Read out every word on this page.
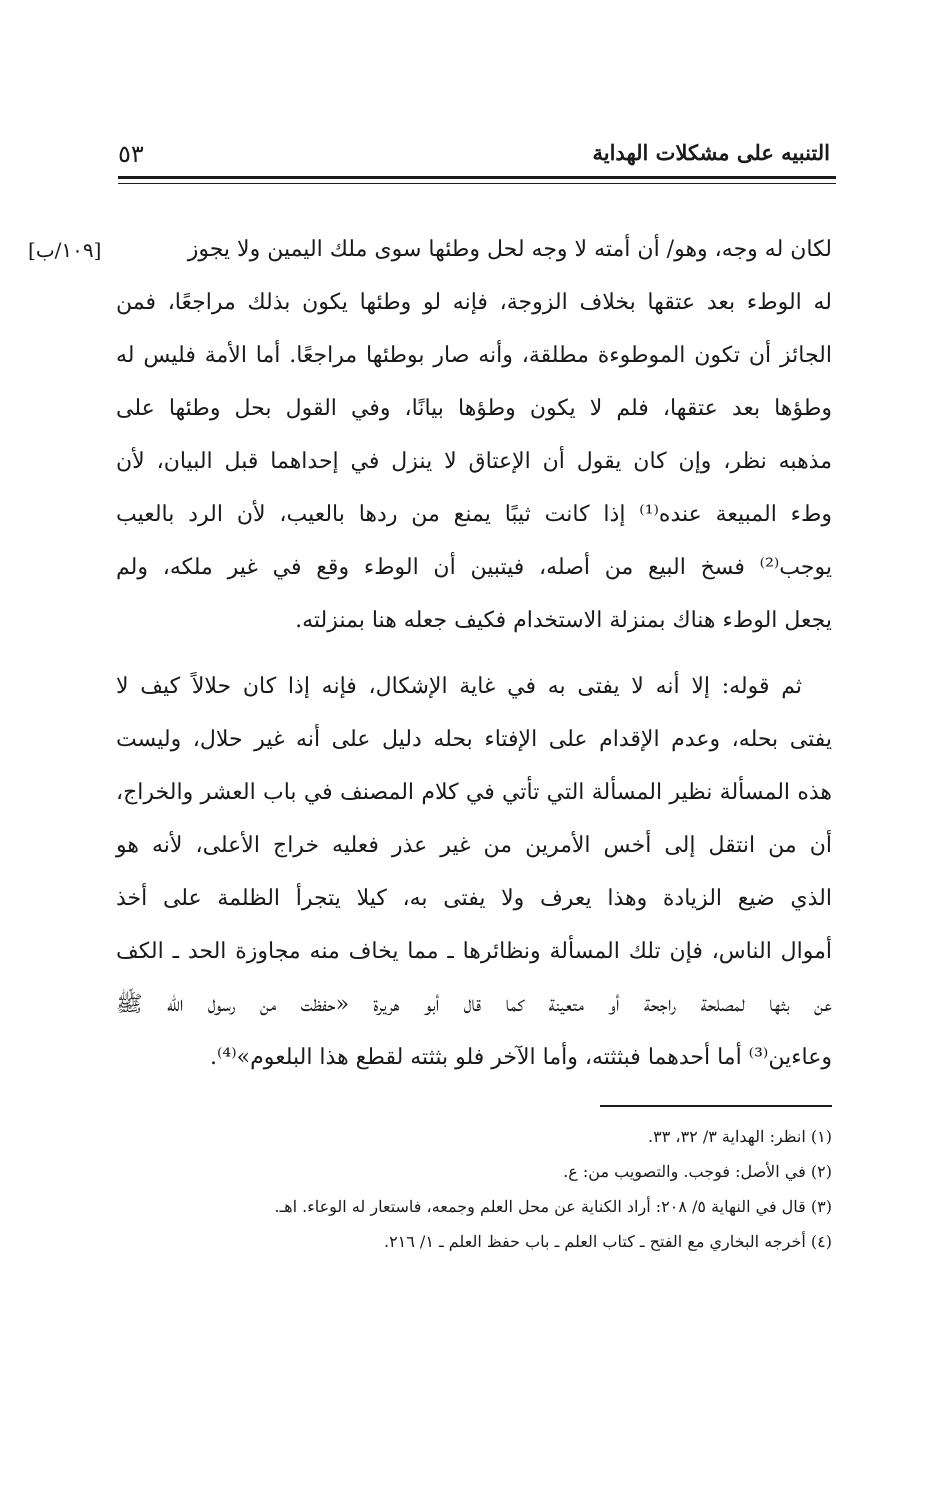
التنبيه على مشكلات الهداية
٥٣
[١٠٩/ب]	لكان له وجه، وهو/ أن أمته لا وجه لحل وطئها سوى ملك اليمين ولا يجوز
له الوطء بعد عتقها بخلاف الزوجة، فإنه لو وطئها يكون بذلك مراجعًا، فمن
الجائز أن تكون الموطوءة مطلقة، وأنه صار بوطئها مراجعًا. أما الأمة فليس له
وطؤها بعد عتقها، فلم لا يكون وطؤها بيانًا، وفي القول بحل وطئها على
مذهبه نظر، وإن كان يقول أن الإعتاق لا ينزل في إحداهما قبل البيان، لأن
وطء المبيعة عنده⁽¹⁾ إذا كانت ثيبًا يمنع من ردها بالعيب، لأن الرد بالعيب
يوجب⁽²⁾ فسخ البيع من أصله، فيتبين أن الوطء وقع في غير ملكه، ولم
يجعل الوطء هناك بمنزلة الاستخدام فكيف جعله هنا بمنزلته.
ثم قوله: إلا أنه لا يفتى به في غاية الإشكال، فإنه إذا كان حلالاً كيف لا
يفتى بحله، وعدم الإقدام على الإفتاء بحله دليل على أنه غير حلال، وليست
هذه المسألة نظير المسألة التي تأتي في كلام المصنف في باب العشر والخراج،
أن من انتقل إلى أخس الأمرين من غير عذر فعليه خراج الأعلى، لأنه هو
الذي ضيع الزيادة وهذا يعرف ولا يفتى به، كيلا يتجرأ الظلمة على أخذ
أموال الناس، فإن تلك المسألة ونظائرها ـ مما يخاف منه مجاوزة الحد ـ الكف
عن بثها لمصلحة راجحة أو متعينة كما قال أبو هريرة «حفظت من رسول الله ﷺ
وعاءين⁽³⁾ أما أحدهما فبثثته، وأما الآخر فلو بثثته لقطع هذا البلعوم»⁽⁴⁾.
(١) انظر: الهداية ٣/ ٣٢، ٣٣.
(٢) في الأصل: فوجب. والتصويب من: ع.
(٣) قال في النهاية ٥/ ٢٠٨: أراد الكناية عن محل العلم وجمعه، فاستعار له الوعاء. اهـ.
(٤) أخرجه البخاري مع الفتح ـ كتاب العلم ـ باب حفظ العلم ـ ١/ ٢١٦.
